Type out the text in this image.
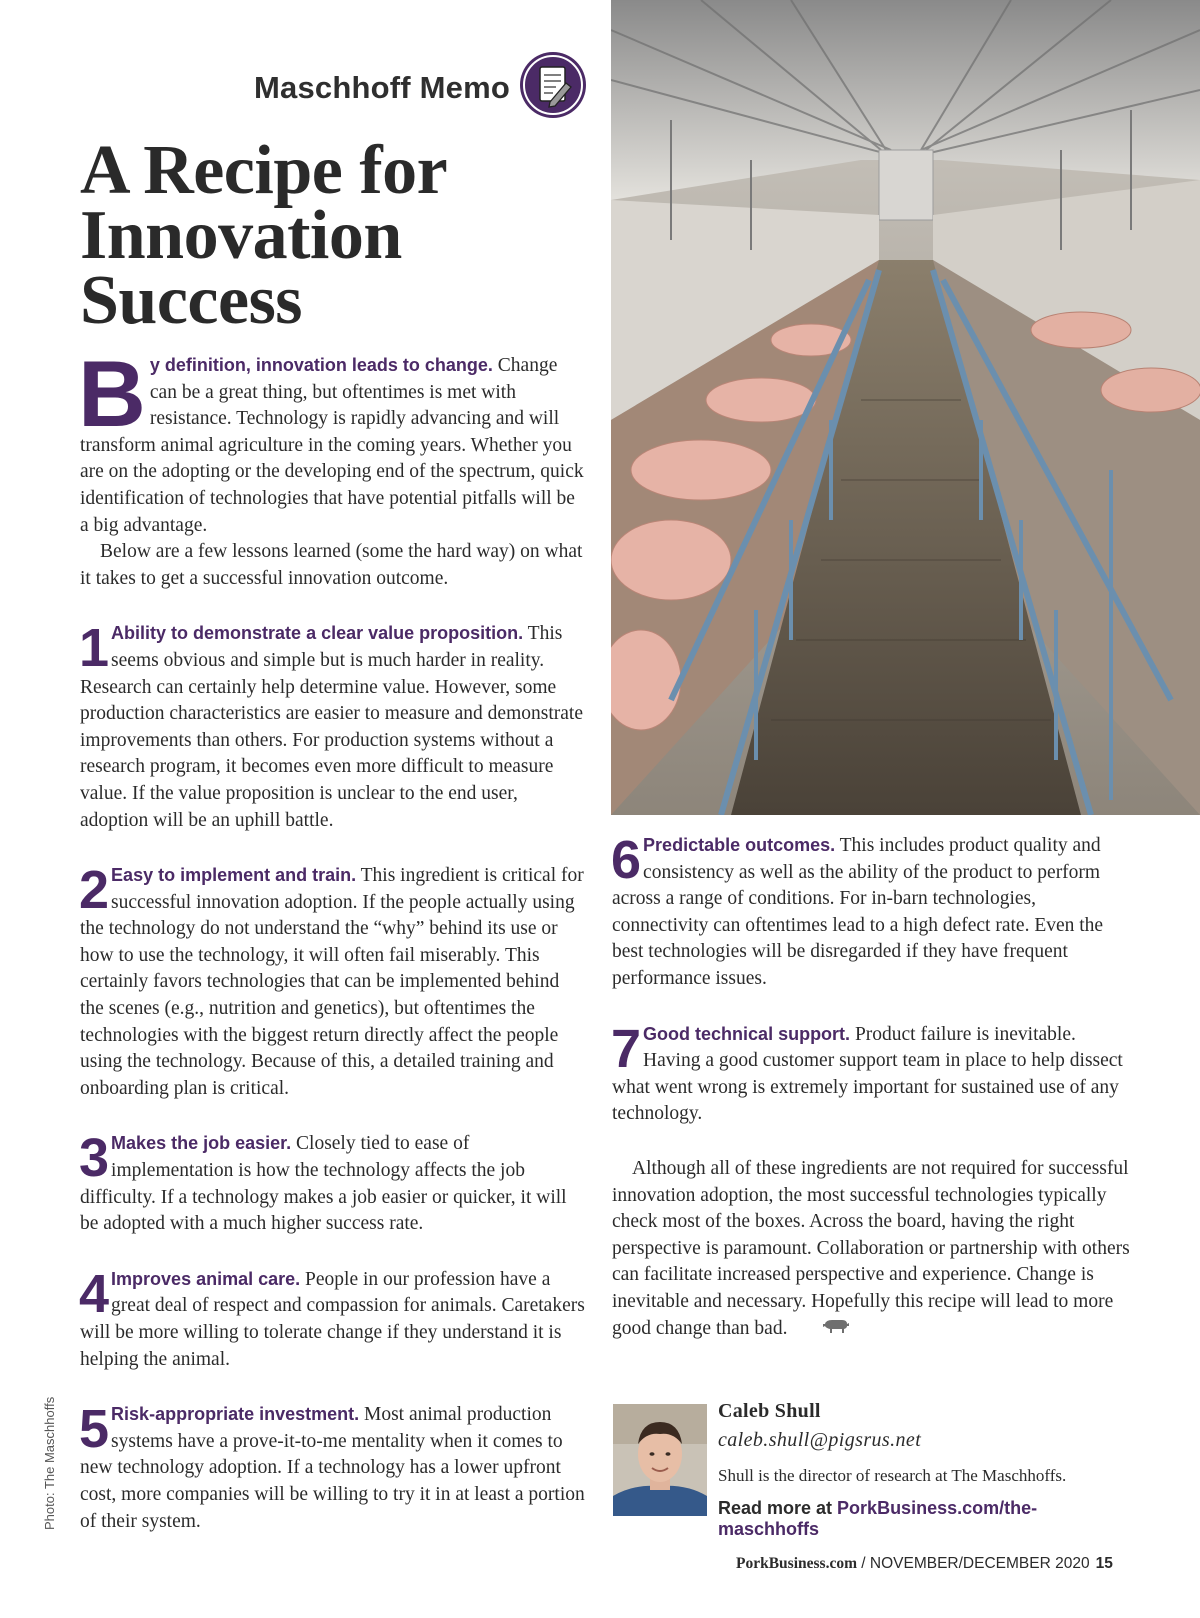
Maschhoff Memo
A Recipe for Innovation Success
Photo: The Maschhoffs

B y definition, innovation leads to change. Change can be a great thing, but oftentimes is met with resistance. Technology is rapidly advancing and will transform animal agriculture in the coming years. Whether you are on the adopting or the developing end of the spectrum, quick identification of technologies that have potential pitfalls will be a big advantage.

Below are a few lessons learned (some the hard way) on what it takes to get a successful innovation outcome.

1 Ability to demonstrate a clear value proposition. This seems obvious and simple but is much harder in reality. Research can certainly help determine value. However, some production characteristics are easier to measure and demonstrate improvements than others. For production systems without a research program, it becomes even more difficult to measure value. If the value proposition is unclear to the end user, adoption will be an uphill battle.

2 Easy to implement and train. This ingredient is critical for successful innovation adoption. If the people actually using the technology do not understand the “why” behind its use or how to use the technology, it will often fail miserably. This certainly favors technologies that can be implemented behind the scenes (e.g., nutrition and genetics), but oftentimes the technologies with the biggest return directly affect the people using the technology. Because of this, a detailed training and onboarding plan is critical.

3 Makes the job easier. Closely tied to ease of implementation is how the technology affects the job difficulty. If a technology makes a job easier or quicker, it will be adopted with a much higher success rate.

4 Improves animal care. People in our profession have a great deal of respect and compassion for animals. Caretakers will be more willing to tolerate change if they understand it is helping the animal.

5 Risk-appropriate investment. Most animal production systems have a prove-it-to-me mentality when it comes to new technology adoption. If a technology has a lower upfront cost, more companies will be willing to try it in at least a portion of their system.

6 Predictable outcomes. This includes product quality and consistency as well as the ability of the product to perform across a range of conditions. For in-barn technologies, connectivity can oftentimes lead to a high defect rate. Even the best technologies will be disregarded if they have frequent performance issues.

7 Good technical support. Product failure is inevitable. Having a good customer support team in place to help dissect what went wrong is extremely important for sustained use of any technology.

Although all of these ingredients are not required for successful innovation adoption, the most successful technologies typically check most of the boxes. Across the board, having the right perspective is paramount. Collaboration or partnership with others can facilitate increased perspective and experience. Change is inevitable and necessary. Hopefully this recipe will lead to more good change than bad.

Caleb Shull

caleb.shull@pigsrus.net

Shull is the director of research at The Maschhoffs.

Read more at PorkBusiness.com/the-maschhoffs

PorkBusiness.com / NOVEMBER/DECEMBER 2020 15
